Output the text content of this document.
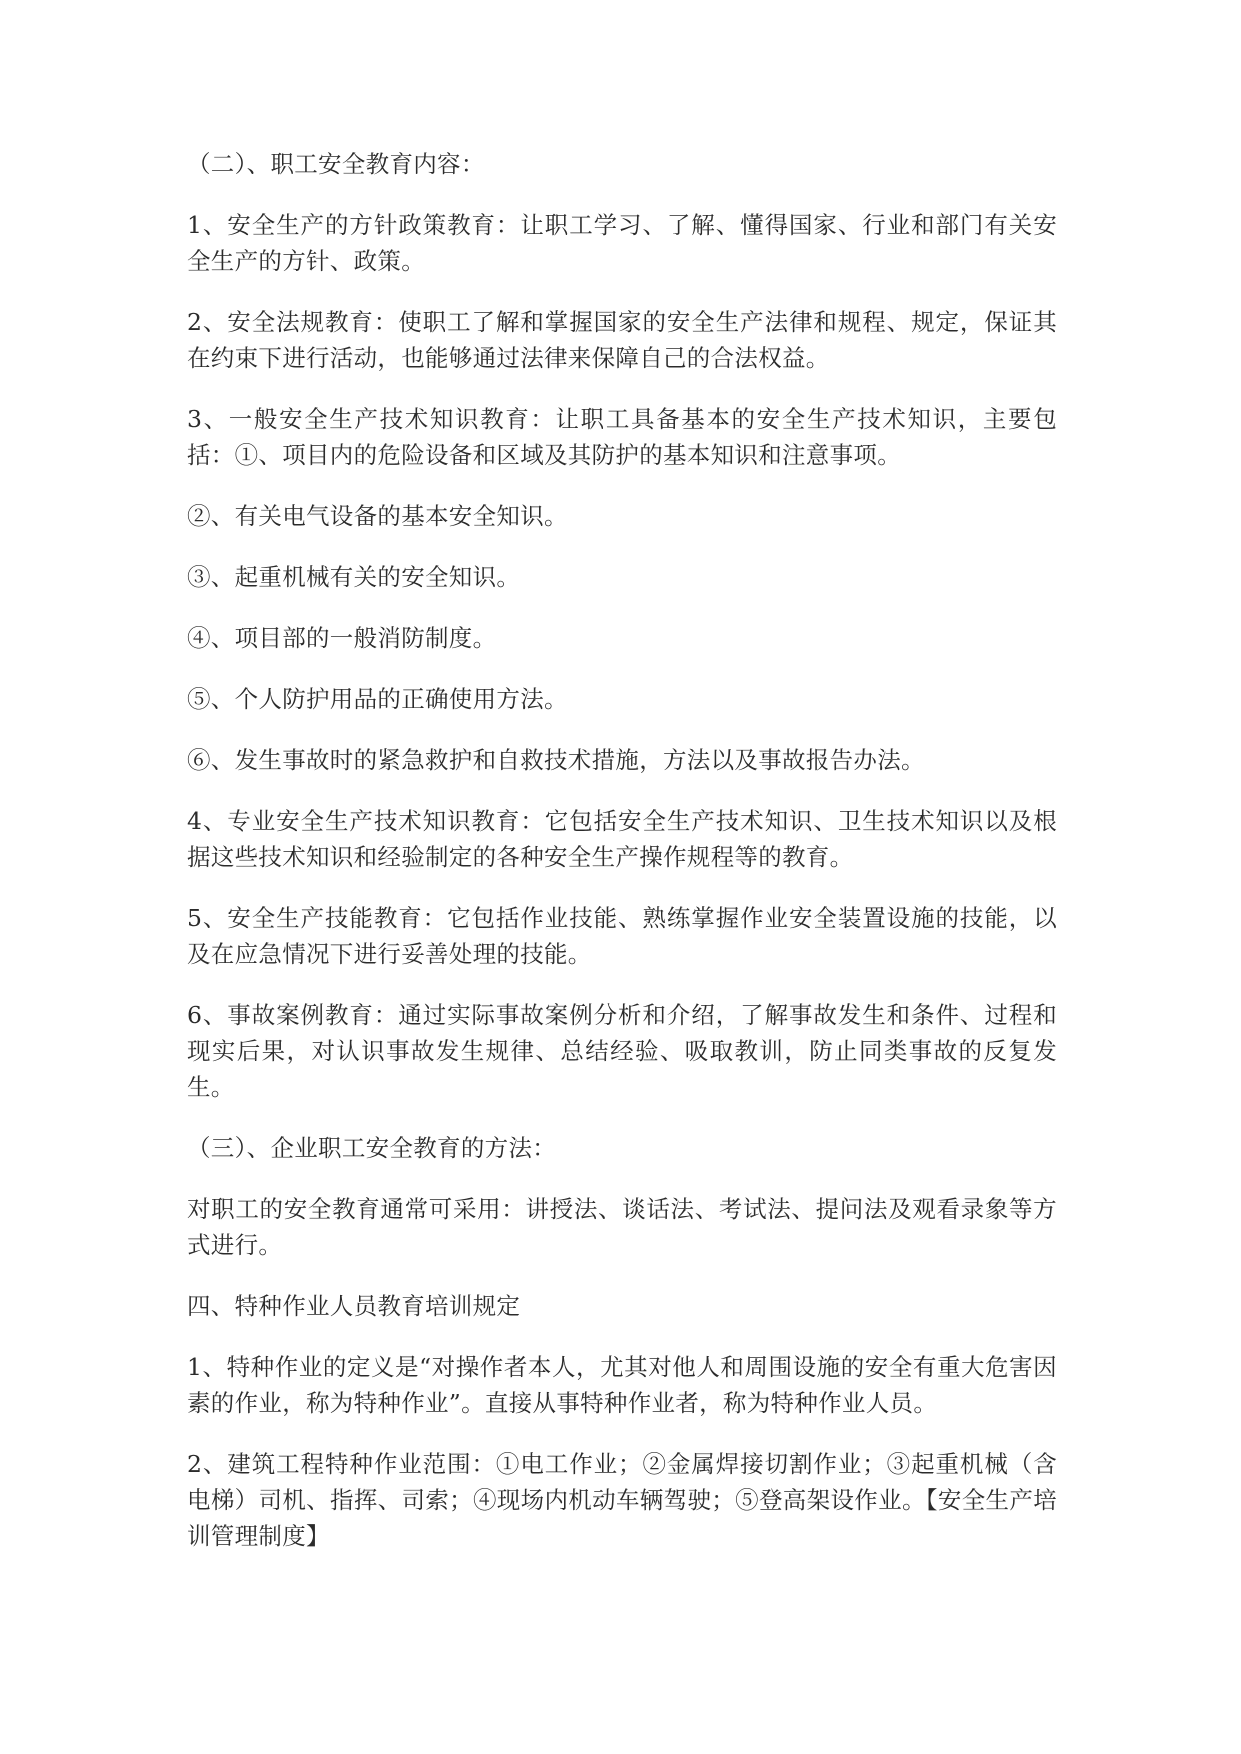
（二）、职工安全教育内容：

1、安全生产的方针政策教育：让职工学习、了解、懂得国家、行业和部门有关安全生产的方针、政策。

2、安全法规教育：使职工了解和掌握国家的安全生产法律和规程、规定，保证其在约束下进行活动，也能够通过法律来保障自己的合法权益。

3、一般安全生产技术知识教育：让职工具备基本的安全生产技术知识，主要包括：①、项目内的危险设备和区域及其防护的基本知识和注意事项。

②、有关电气设备的基本安全知识。

③、起重机械有关的安全知识。

④、项目部的一般消防制度。

⑤、个人防护用品的正确使用方法。

⑥、发生事故时的紧急救护和自救技术措施，方法以及事故报告办法。

4、专业安全生产技术知识教育：它包括安全生产技术知识、卫生技术知识以及根据这些技术知识和经验制定的各种安全生产操作规程等的教育。

5、安全生产技能教育：它包括作业技能、熟练掌握作业安全装置设施的技能，以及在应急情况下进行妥善处理的技能。

6、事故案例教育：通过实际事故案例分析和介绍，了解事故发生和条件、过程和现实后果，对认识事故发生规律、总结经验、吸取教训，防止同类事故的反复发生。

（三）、企业职工安全教育的方法：

对职工的安全教育通常可采用：讲授法、谈话法、考试法、提问法及观看录象等方式进行。

四、特种作业人员教育培训规定

1、特种作业的定义是“对操作者本人，尤其对他人和周围设施的安全有重大危害因素的作业，称为特种作业”。直接从事特种作业者，称为特种作业人员。

2、建筑工程特种作业范围：①电工作业；②金属焊接切割作业；③起重机械（含电梯）司机、指挥、司索；④现场内机动车辆驾驶；⑤登高架设作业。【安全生产培训管理制度】
